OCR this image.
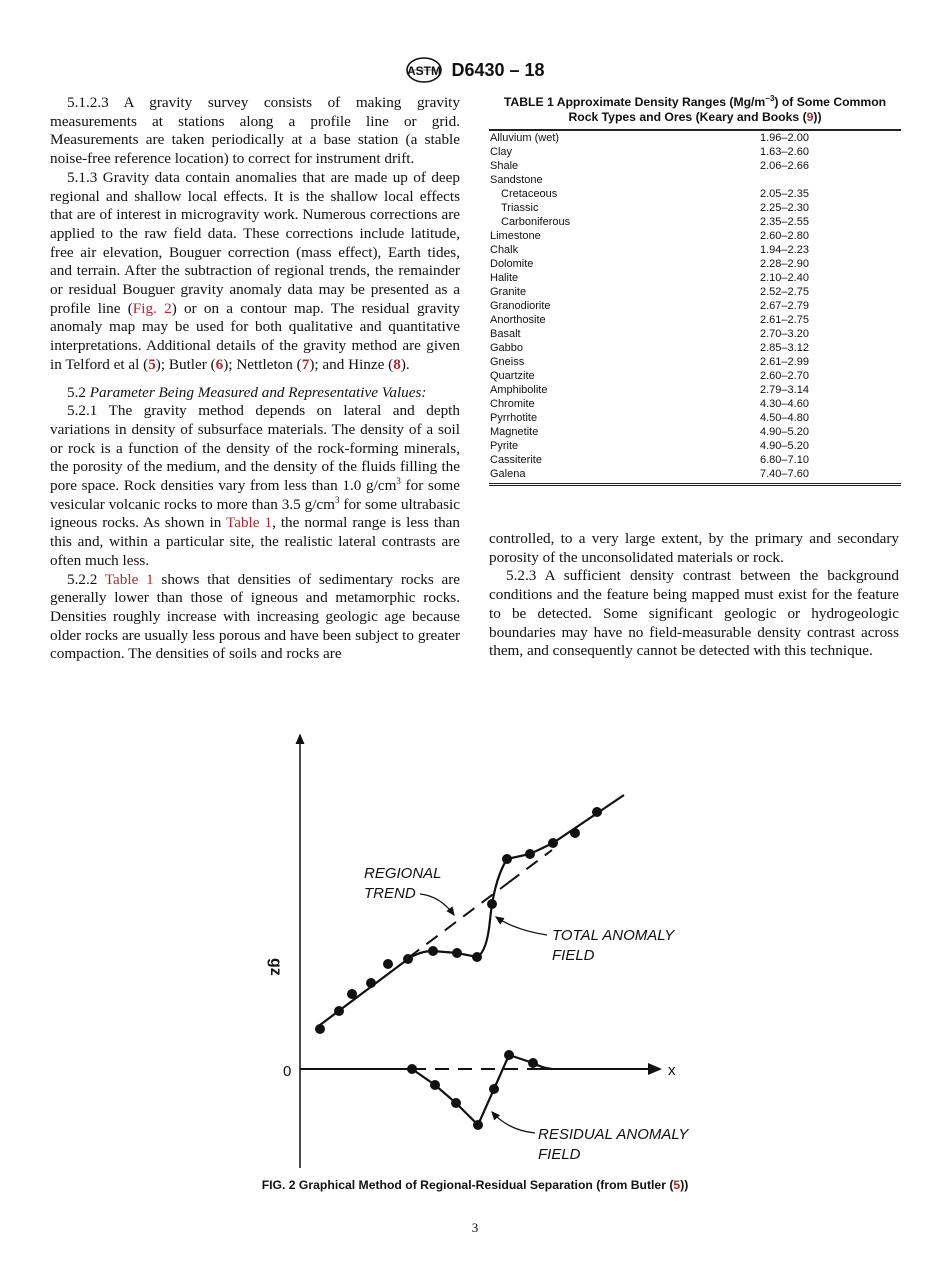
ASTM D6430 – 18

5.1.2.3 A gravity survey consists of making gravity measurements at stations along a profile line or grid. Measurements are taken periodically at a base station (a stable noise-free reference location) to correct for instrument drift.

5.1.3 Gravity data contain anomalies that are made up of deep regional and shallow local effects. It is the shallow local effects that are of interest in microgravity work. Numerous corrections are applied to the raw field data. These corrections include latitude, free air elevation, Bouguer correction (mass effect), Earth tides, and terrain. After the subtraction of regional trends, the remainder or residual Bouguer gravity anomaly data may be presented as a profile line (Fig. 2) or on a contour map. The residual gravity anomaly map may be used for both qualitative and quantitative interpretations. Additional details of the gravity method are given in Telford et al (5); Butler (6); Nettleton (7); and Hinze (8).

5.2 Parameter Being Measured and Representative Values:

5.2.1 The gravity method depends on lateral and depth variations in density of subsurface materials. The density of a soil or rock is a function of the density of the rock-forming minerals, the porosity of the medium, and the density of the fluids filling the pore space. Rock densities vary from less than 1.0 $g/cm^3$ for some vesicular volcanic rocks to more than 3.5 $g/cm^3$ for some ultrabasic igneous rocks. As shown in Table 1, the normal range is less than this and, within a particular site, the realistic lateral contrasts are often much less.

5.2.2 Table 1 shows that densities of sedimentary rocks are generally lower than those of igneous and metamorphic rocks. Densities roughly increase with increasing geologic age because older rocks are usually less porous and have been subject to greater compaction. The densities of soils and rocks are

TABLE 1 Approximate Density Ranges $(Mg/m^{-3})$ of Some Common Rock Types and Ores (Keary and Books (9))
Alluvium (wet)	1.96–2.00
Clay	1.63–2.60
Shale	2.06–2.66
Sandstone	
Cretaceous	2.05–2.35
Triassic	2.25–2.30
Carboniferous	2.35–2.55
Limestone	2.60–2.80
Chalk	1.94–2.23
Dolomite	2.28–2.90
Halite	2.10–2.40
Granite	2.52–2.75
Granodiorite	2.67–2.79
Anorthosite	2.61–2.75
Basalt	2.70–3.20
Gabbo	2.85–3.12
Gneiss	2.61–2.99
Quartzite	2.60–2.70
Amphibolite	2.79–3.14
Chromite	4.30–4.60
Pyrrhotite	4.50–4.80
Magnetite	4.90–5.20
Pyrite	4.90–5.20
Cassiterite	6.80–7.10
Galena	7.40–7.60

controlled, to a very large extent, by the primary and secondary porosity of the unconsolidated materials or rock.

5.2.3 A sufficient density contrast between the background conditions and the feature being mapped must exist for the feature to be detected. Some significant geologic or hydrogeologic boundaries may have no field-measurable density contrast across them, and consequently cannot be detected with this technique.

x
0
gz
REGIONAL
TREND
TOTAL ANOMALY
FIELD
RESIDUAL ANOMALY
FIELD
FIG. 2 Graphical Method of Regional-Residual Separation (from Butler (5))
3
